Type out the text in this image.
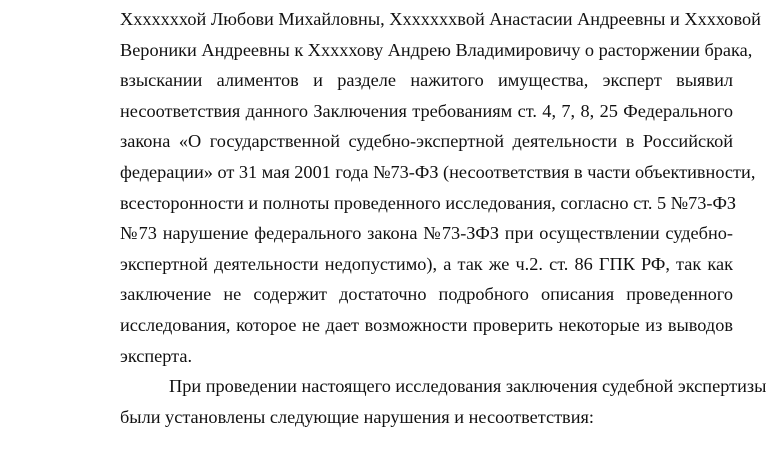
Хххххххой Любови Михайловны, Хххххххвой Анастасии Андреевны и Хххховой
Вероники Андреевны к Хххххову Андрею Владимировичу о расторжении брака,
взыскании алиментов и разделе нажитого имущества, эксперт выявил
несоответствия данного Заключения требованиям ст. 4, 7, 8, 25 Федерального
закона «О государственной судебно-экспертной деятельности в Российской
федерации» от 31 мая 2001 года №73-ФЗ (несоответствия в части объективности,
всесторонности и полноты проведенного исследования, согласно ст. 5 №73-ФЗ
№73 нарушение федерального закона №73-ЗФЗ при осуществлении судебно-
экспертной деятельности недопустимо), а так же ч.2. ст. 86 ГПК РФ, так как
заключение не содержит достаточно подробного описания проведенного
исследования, которое не дает возможности проверить некоторые из выводов
эксперта.
При проведении настоящего исследования заключения судебной экспертизы
были установлены следующие нарушения и несоответствия:
